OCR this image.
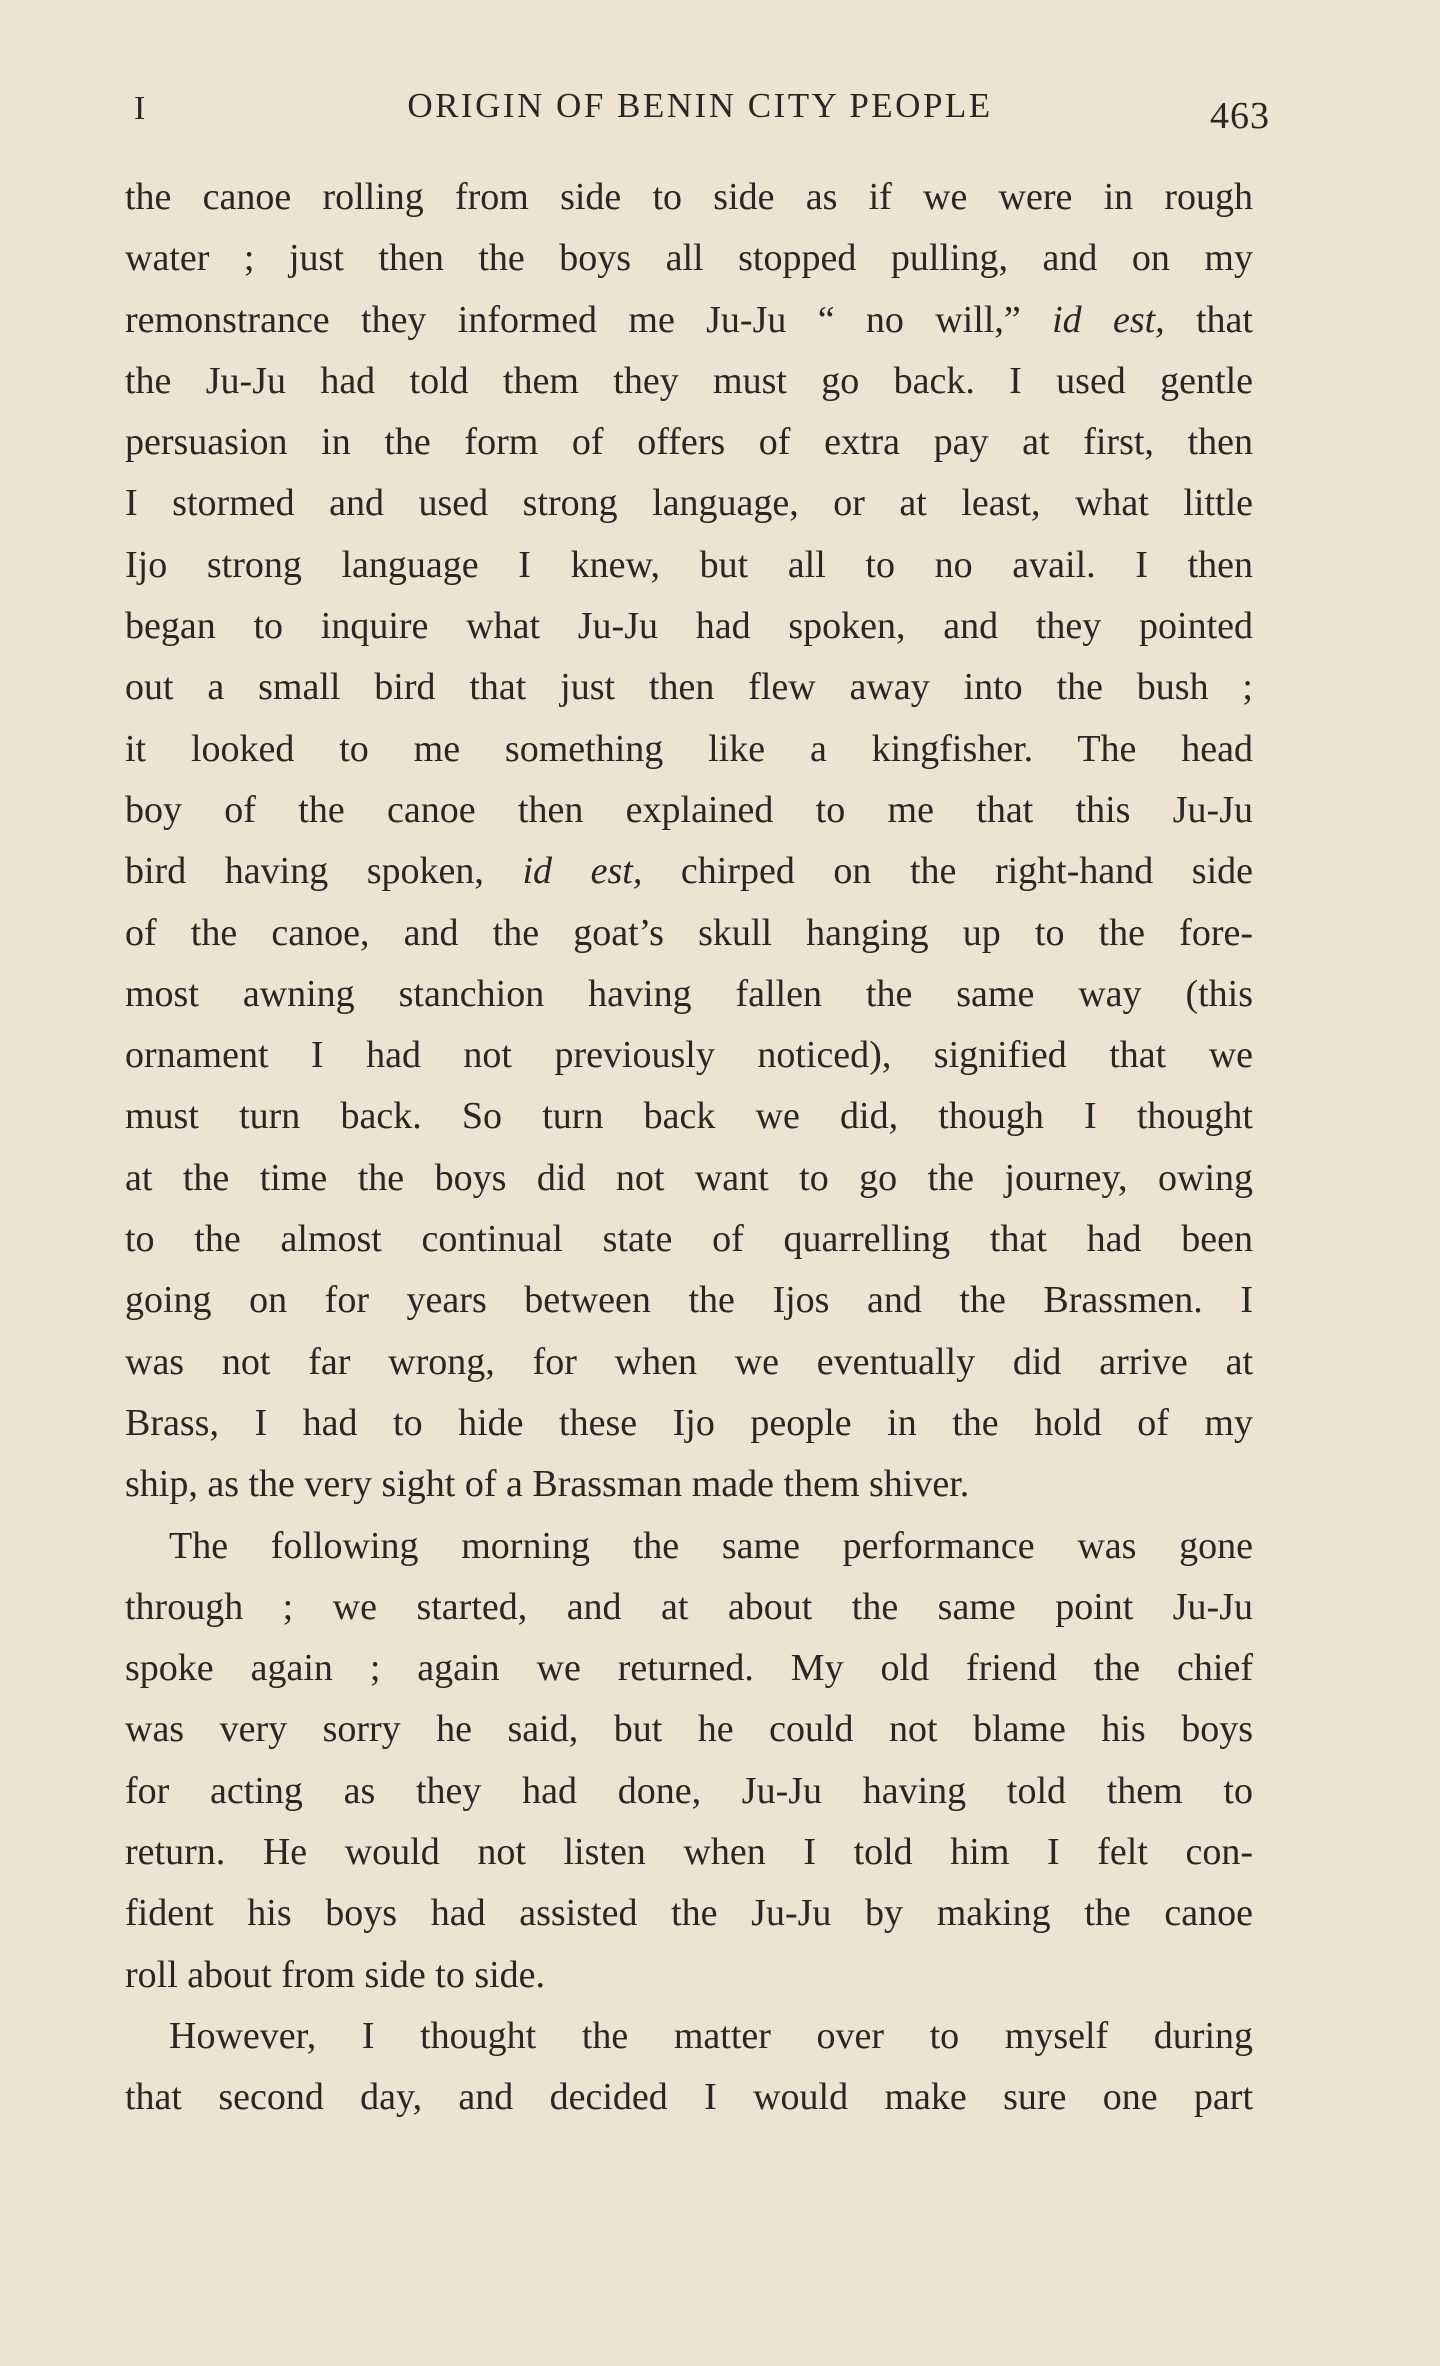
I	ORIGIN OF BENIN CITY PEOPLE	463
the canoe rolling from side to side as if we were in rough
water ; just then the boys all stopped pulling, and on my
remonstrance they informed me Ju-Ju “ no will,” id est, that
the Ju-Ju had told them they must go back. I used gentle
persuasion in the form of offers of extra pay at first, then
I stormed and used strong language, or at least, what little
Ijo strong language I knew, but all to no avail. I then
began to inquire what Ju-Ju had spoken, and they pointed
out a small bird that just then flew away into the bush ;
it looked to me something like a kingfisher. The head
boy of the canoe then explained to me that this Ju-Ju
bird having spoken, id est, chirped on the right-hand side
of the canoe, and the goat’s skull hanging up to the fore-
most awning stanchion having fallen the same way (this
ornament I had not previously noticed), signified that we
must turn back. So turn back we did, though I thought
at the time the boys did not want to go the journey, owing
to the almost continual state of quarrelling that had been
going on for years between the Ijos and the Brassmen. I
was not far wrong, for when we eventually did arrive at
Brass, I had to hide these Ijo people in the hold of my
ship, as the very sight of a Brassman made them shiver.
The following morning the same performance was gone
through ; we started, and at about the same point Ju-Ju
spoke again ; again we returned. My old friend the chief
was very sorry he said, but he could not blame his boys
for acting as they had done, Ju-Ju having told them to
return. He would not listen when I told him I felt con-
fident his boys had assisted the Ju-Ju by making the canoe
roll about from side to side.
However, I thought the matter over to myself during
that second day, and decided I would make sure one part
